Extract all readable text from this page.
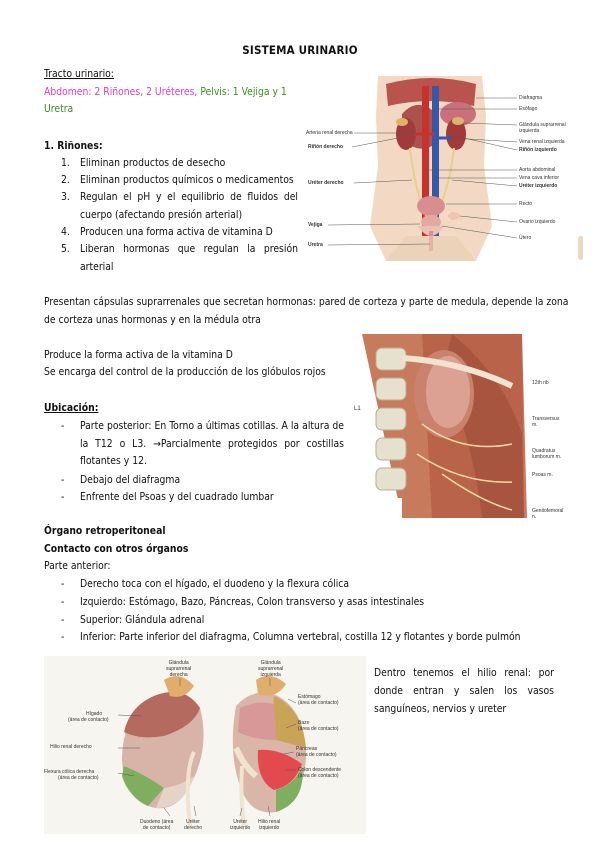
SISTEMA URINARIO
Tracto urinario:
Abdomen: 2 Riñones, 2 Uréteres, Pelvis: 1 Vejiga y 1
Uretra
1. Riñones:
1. Eliminan productos de desecho
2. Eliminan productos químicos o medicamentos
3. Regulan el pH y el equilibrio de fluidos del
cuerpo (afectando presión arterial)
4. Producen una forma activa de vitamina D
5. Liberan hormonas que regulan la presión
arterial
Presentan cápsulas suprarrenales que secretan hormonas: pared de corteza y parte de medula, depende la zona
de corteza unas hormonas y en la médula otra
Produce la forma activa de la vitamina D
Se encarga del control de la producción de los glóbulos rojos
Ubicación:
- Parte posterior: En Torno a últimas cotillas. A la altura de
la T12 o L3. →Parcialmente protegidos por costillas
flotantes y 12.
- Debajo del diafragma
- Enfrente del Psoas y del cuadrado lumbar
Órgano retroperitoneal
Contacto con otros órganos
Parte anterior:
- Derecho toca con el hígado, el duodeno y la flexura cólica
- Izquierdo: Estómago, Bazo, Páncreas, Colon transverso y asas intestinales
- Superior: Glándula adrenal
- Inferior: Parte inferior del diafragma, Columna vertebral, costilla 12 y flotantes y borde pulmón
Dentro tenemos el hilio renal: por
donde entran y salen los vasos
sanguíneos, nervios y ureter
Arteria renal derecha
Riñón derecho
Uréter derecho
Vejiga
Uretra
Diafragma
Esófago
Glándula suprarrenal
izquierda
Vena renal izquierda
Riñón izquierdo
Aorta abdominal
Vena cava inferior
Uréter izquierdo
Recto
Ovario izquierdo
Útero
L1
12th rib
Transversus
m.
Quadratus
lumborum m.
Psoas m.
Genitofemoral
n.
Glándula
suprarrenal
derecha
Glándula
suprarrenal
izquierda
Hígado
(área de contacto)
Hilio renal derecho
Flexura cólica derecha
(área de contacto)
Estómago
(área de contacto)
Bazo
(área de contacto)
Páncreas
(área de contacto)
Colon descendente
(área de contacto)
Duodeno (área
de contacto)
Uréter
derecho
Uréter
izquierdo
Hilio renal
izquierdo
